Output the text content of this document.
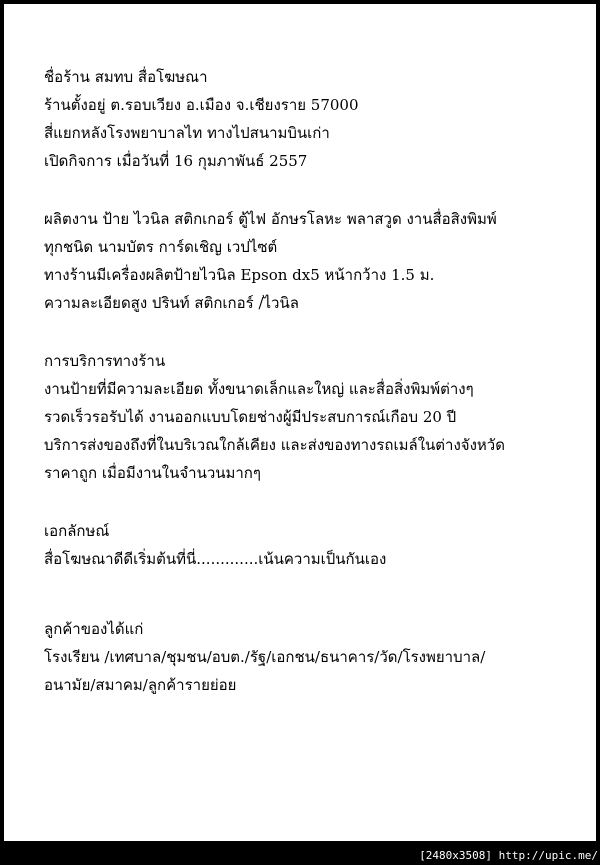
ชื่อร้าน สมทบ สื่อโฆษณา
ร้านตั้งอยู่ ต.รอบเวียง อ.เมือง จ.เชียงราย 57000
สี่แยกหลังโรงพยาบาลไท ทางไปสนามบินเก่า
เปิดกิจการ เมื่อวันที่ 16 กุมภาพันธ์ 2557
ผลิตงาน ป้าย ไวนิล สติกเกอร์ ตู้ไฟ อักษรโลหะ พลาสวูด งานสื่อสิงพิมพ์
ทุกชนิด นามบัตร การ์ดเชิญ เวปไซต์
ทางร้านมีเครื่องผลิตป้ายไวนิล Epson dx5 หน้ากว้าง 1.5 ม.
ความละเอียดสูง ปรินท์ สติกเกอร์ /ไวนิล
การบริการทางร้าน
งานป้ายที่มีความละเอียด ทั้งขนาดเล็กและใหญ่ และสื่อสิ่งพิมพ์ต่างๆ
รวดเร็วรอรับได้ งานออกแบบโดยช่างผู้มีประสบการณ์เกือบ 20 ปี
บริการส่งของถึงที่ในบริเวณใกล้เคียง และส่งของทางรถเมล์ในต่างจังหวัด
ราคาถูก เมื่อมีงานในจำนวนมากๆ
เอกลักษณ์
สื่อโฆษณาดีดีเริ่มต้นที่นี่.............เน้นความเป็นกันเอง
ลูกค้าของได้แก่
โรงเรียน /เทศบาล/ชุมชน/อบต./รัฐ/เอกชน/ธนาคาร/วัด/โรงพยาบาล/
อนามัย/สมาคม/ลูกค้ารายย่อย
[2480x3508] http://upic.me/
